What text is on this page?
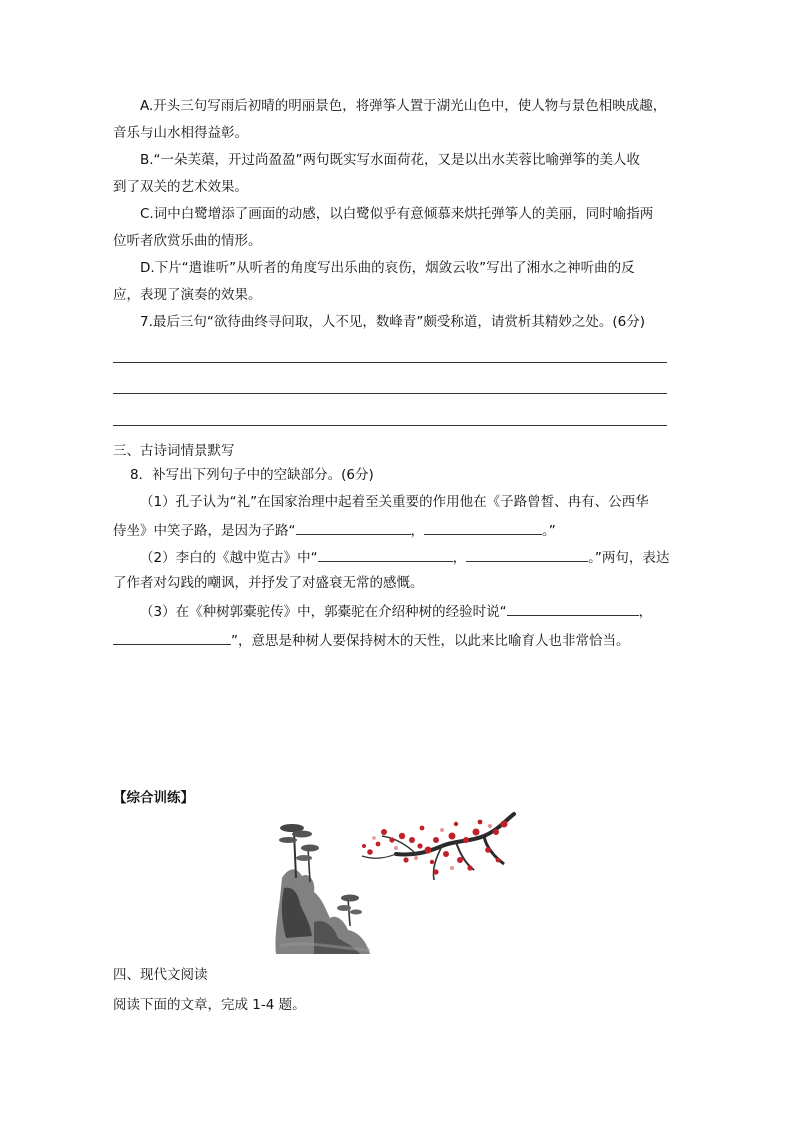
A.开头三句写雨后初晴的明丽景色，将弹筝人置于湖光山色中，使人物与景色相映成趣，
音乐与山水相得益彰。
B.“一朵芙蕖，开过尚盈盈”两句既实写水面荷花，又是以出水芙蓉比喻弹筝的美人收
到了双关的艺术效果。
C.词中白鹭增添了画面的动感，以白鹭似乎有意倾慕来烘托弹筝人的美丽，同时喻指两
位听者欣赏乐曲的情形。
D.下片“遣谁听”从听者的角度写出乐曲的哀伤，烟敛云收”写出了湘水之神听曲的反
应，表现了演奏的效果。
7.最后三句“欲待曲终寻问取，人不见，数峰青”颇受称道，请赏析其精妙之处。(6分)
三、古诗词情景默写
8．补写出下列句子中的空缺部分。(6分)
（1）孔子认为“礼”在国家治理中起着至关重要的作用他在《子路曾皙、冉有、公西华
侍坐》中笑子路，是因为子路“	，	。”
（2）李白的《越中览古》中“	，	。”两句，表达
了作者对勾践的嘲讽，并抒发了对盛衰无常的感慨。
（3）在《种树郭橐驼传》中，郭橐驼在介绍种树的经验时说“	，
”，意思是种树人要保持树木的天性，以此来比喻育人也非常恰当。
【综合训练】
四、现代文阅读
阅读下面的文章，完成 1-4 题。
